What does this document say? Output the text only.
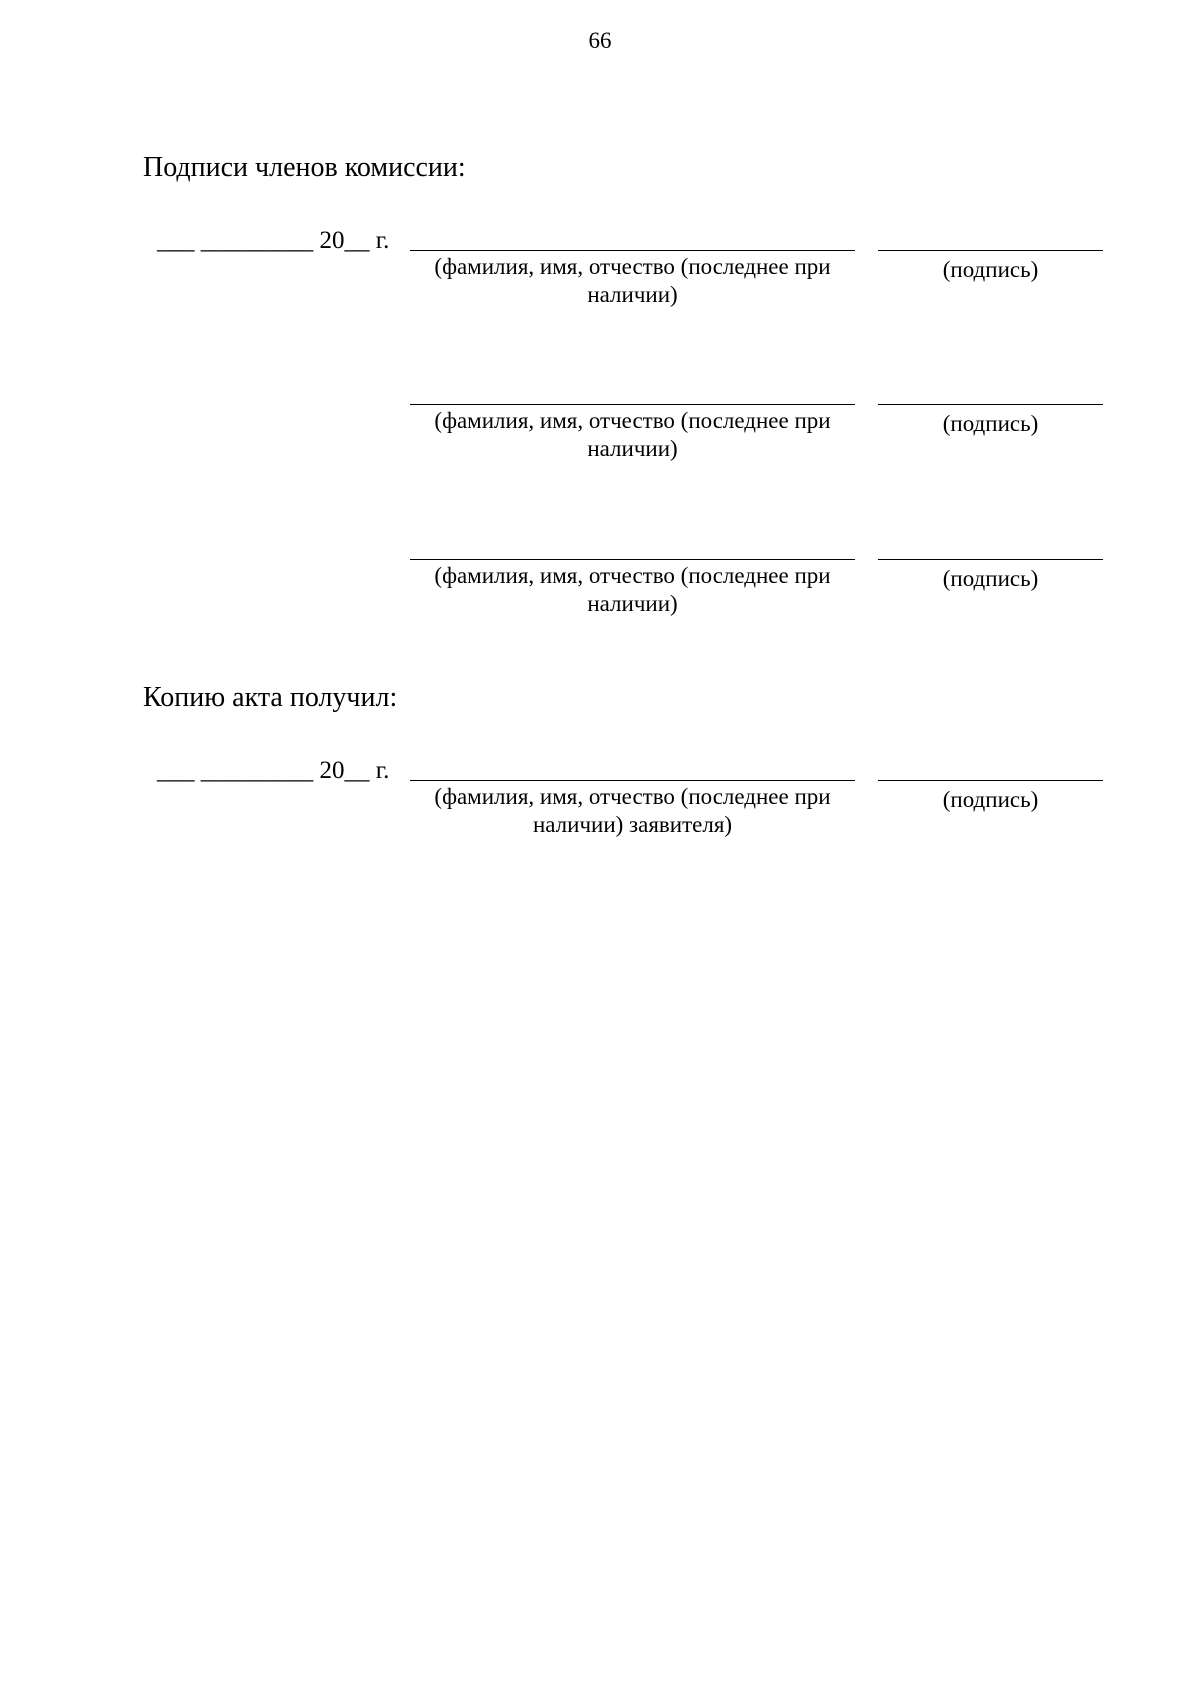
66
Подписи членов комиссии:
___ _________ 20__ г.
(фамилия, имя, отчество (последнее при наличии)
(подпись)
(фамилия, имя, отчество (последнее при наличии)
(подпись)
(фамилия, имя, отчество (последнее при наличии)
(подпись)
Копию акта получил:
___ _________ 20__ г.
(фамилия, имя, отчество (последнее при наличии) заявителя)
(подпись)
